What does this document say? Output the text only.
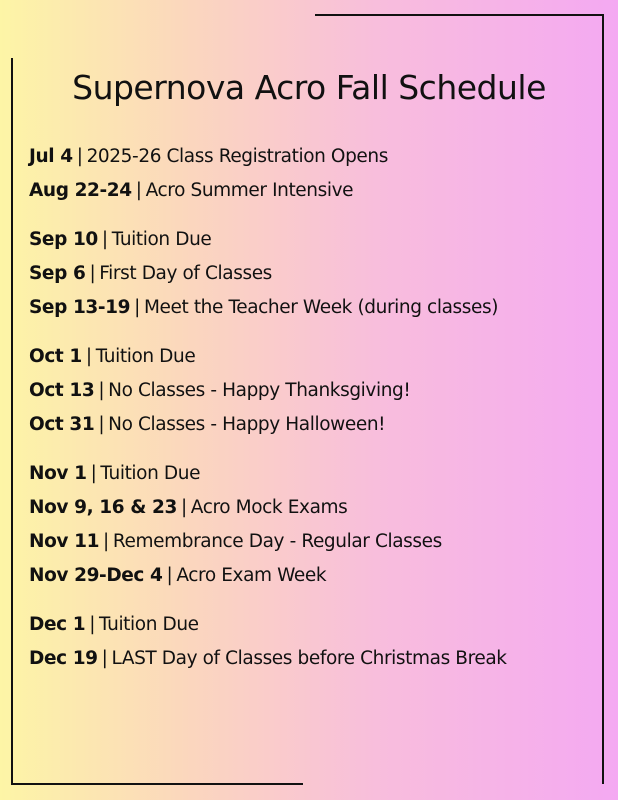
Supernova Acro Fall Schedule
Jul 4 | 2025-26 Class Registration Opens
Aug 22-24 | Acro Summer Intensive
Sep 10 | Tuition Due
Sep 6 | First Day of Classes
Sep 13-19 | Meet the Teacher Week (during classes)
Oct 1 | Tuition Due
Oct 13 | No Classes - Happy Thanksgiving!
Oct 31 | No Classes - Happy Halloween!
Nov 1 | Tuition Due
Nov 9, 16 & 23 | Acro Mock Exams
Nov 11 | Remembrance Day - Regular Classes
Nov 29-Dec 4 | Acro Exam Week
Dec 1 | Tuition Due
Dec 19 | LAST Day of Classes before Christmas Break
